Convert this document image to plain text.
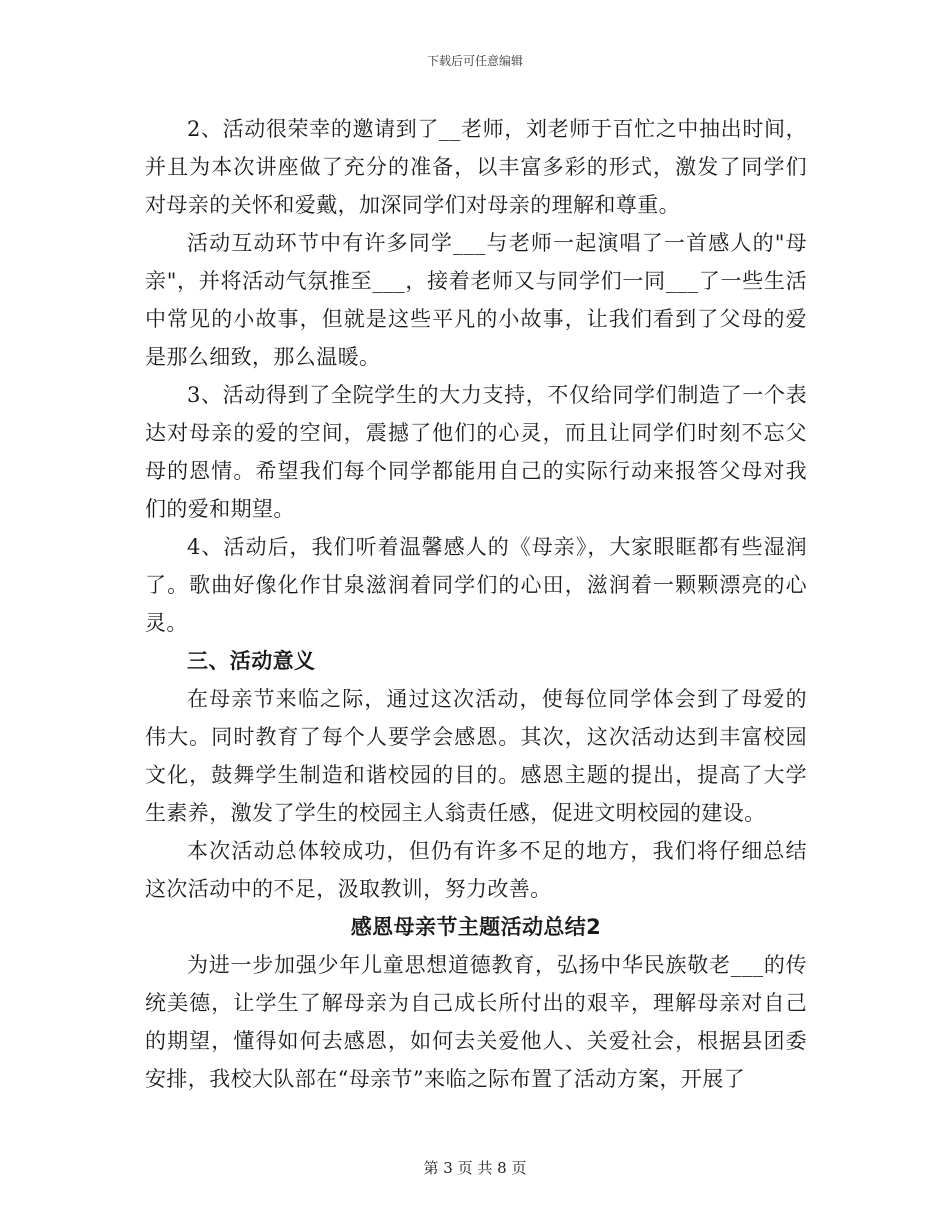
下载后可任意编辑

2、活动很荣幸的邀请到了__老师，刘老师于百忙之中抽出时间，并且为本次讲座做了充分的准备，以丰富多彩的形式，激发了同学们对母亲的关怀和爱戴，加深同学们对母亲的理解和尊重。

活动互动环节中有许多同学___与老师一起演唱了一首感人的"母亲"，并将活动气氛推至___，接着老师又与同学们一同___了一些生活中常见的小故事，但就是这些平凡的小故事，让我们看到了父母的爱是那么细致，那么温暖。

3、活动得到了全院学生的大力支持，不仅给同学们制造了一个表达对母亲的爱的空间，震撼了他们的心灵，而且让同学们时刻不忘父母的恩情。希望我们每个同学都能用自己的实际行动来报答父母对我们的爱和期望。

4、活动后，我们听着温馨感人的《母亲》，大家眼眶都有些湿润了。歌曲好像化作甘泉滋润着同学们的心田，滋润着一颗颗漂亮的心灵。

三、活动意义

在母亲节来临之际，通过这次活动，使每位同学体会到了母爱的伟大。同时教育了每个人要学会感恩。其次，这次活动达到丰富校园文化，鼓舞学生制造和谐校园的目的。感恩主题的提出，提高了大学生素养，激发了学生的校园主人翁责任感，促进文明校园的建设。

本次活动总体较成功，但仍有许多不足的地方，我们将仔细总结这次活动中的不足，汲取教训，努力改善。

感恩母亲节主题活动总结2

为进一步加强少年儿童思想道德教育，弘扬中华民族敬老___的传统美德，让学生了解母亲为自己成长所付出的艰辛，理解母亲对自己的期望，懂得如何去感恩，如何去关爱他人、关爱社会，根据县团委安排，我校大队部在“母亲节”来临之际布置了活动方案，开展了

第 3 页 共 8 页
